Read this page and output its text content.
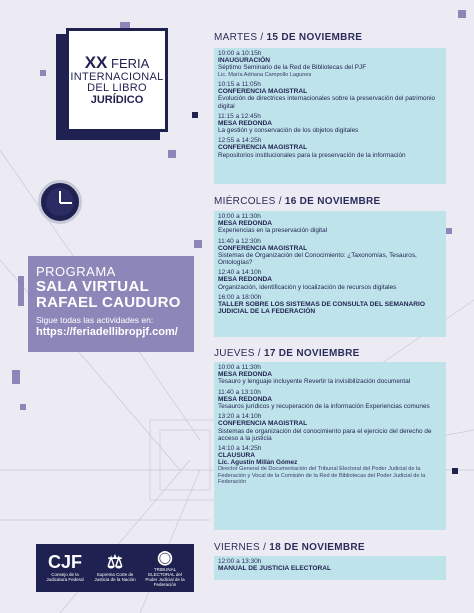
XX FERIA
INTERNACIONAL
DEL LIBRO
JURÍDICO
PROGRAMA
SALA VIRTUAL
RAFAEL CAUDURO
Sigue todas las actividades en:
https://feriadellibropjf.com/
CJF
Consejo de la Judicatura Federal
⚖
Suprema Corte de Justicia de la Nación
◉
TRIBUNAL ELECTORAL del Poder Judicial de la Federación
MARTES / 15 DE NOVIEMBRE
10:00 a 10:15h
INAUGURACIÓN
Séptimo Seminario de la Red de Bibliotecas del PJF
Lic. María Adriana Campollo Lagunes
10:15 a 11:05h
CONFERENCIA MAGISTRAL
Evolución de directrices internacionales sobre la preservación del patrimonio digital
11:15 a 12:45h
MESA REDONDA
La gestión y conservación de los objetos digitales
12:55 a 14:25h
CONFERENCIA MAGISTRAL
Repositorios institucionales para la preservación de la información
MIÉRCOLES / 16 DE NOVIEMBRE
10:00 a 11:30h
MESA REDONDA
Experiencias en la preservación digital
11:40 a 12:30h
CONFERENCIA MAGISTRAL
Sistemas de Organización del Conocimiento: ¿Taxonomías, Tesauros, Ontologías?
12:40 a 14:10h
MESA REDONDA
Organización, identificación y localización de recursos digitales
16:00 a 18:00h
TALLER SOBRE LOS SISTEMAS DE CONSULTA DEL SEMANARIO JUDICIAL DE LA FEDERACIÓN
JUEVES / 17 DE NOVIEMBRE
10:00 a 11:30h
MESA REDONDA
Tesauro y lenguaje incluyente Revertir la invisibilización documental
11:40 a 13:10h
MESA REDONDA
Tesauros jurídicos y recuperación de la información Experiencias comunes
13:20 a 14:10h
CONFERENCIA MAGISTRAL
Sistemas de organización del conocimiento para el ejercicio del derecho de acceso a la justicia
14:10 a 14:25h
CLAUSURA
Lic. Agustín Millán Gómez
Director General de Documentación del Tribunal Electoral del Poder Judicial de la Federación y Vocal de la Comisión de la Red de Bibliotecas del Poder Judicial de la Federación
VIERNES / 18 DE NOVIEMBRE
12:00 a 13:30h
MANUAL DE JUSTICIA ELECTORAL
